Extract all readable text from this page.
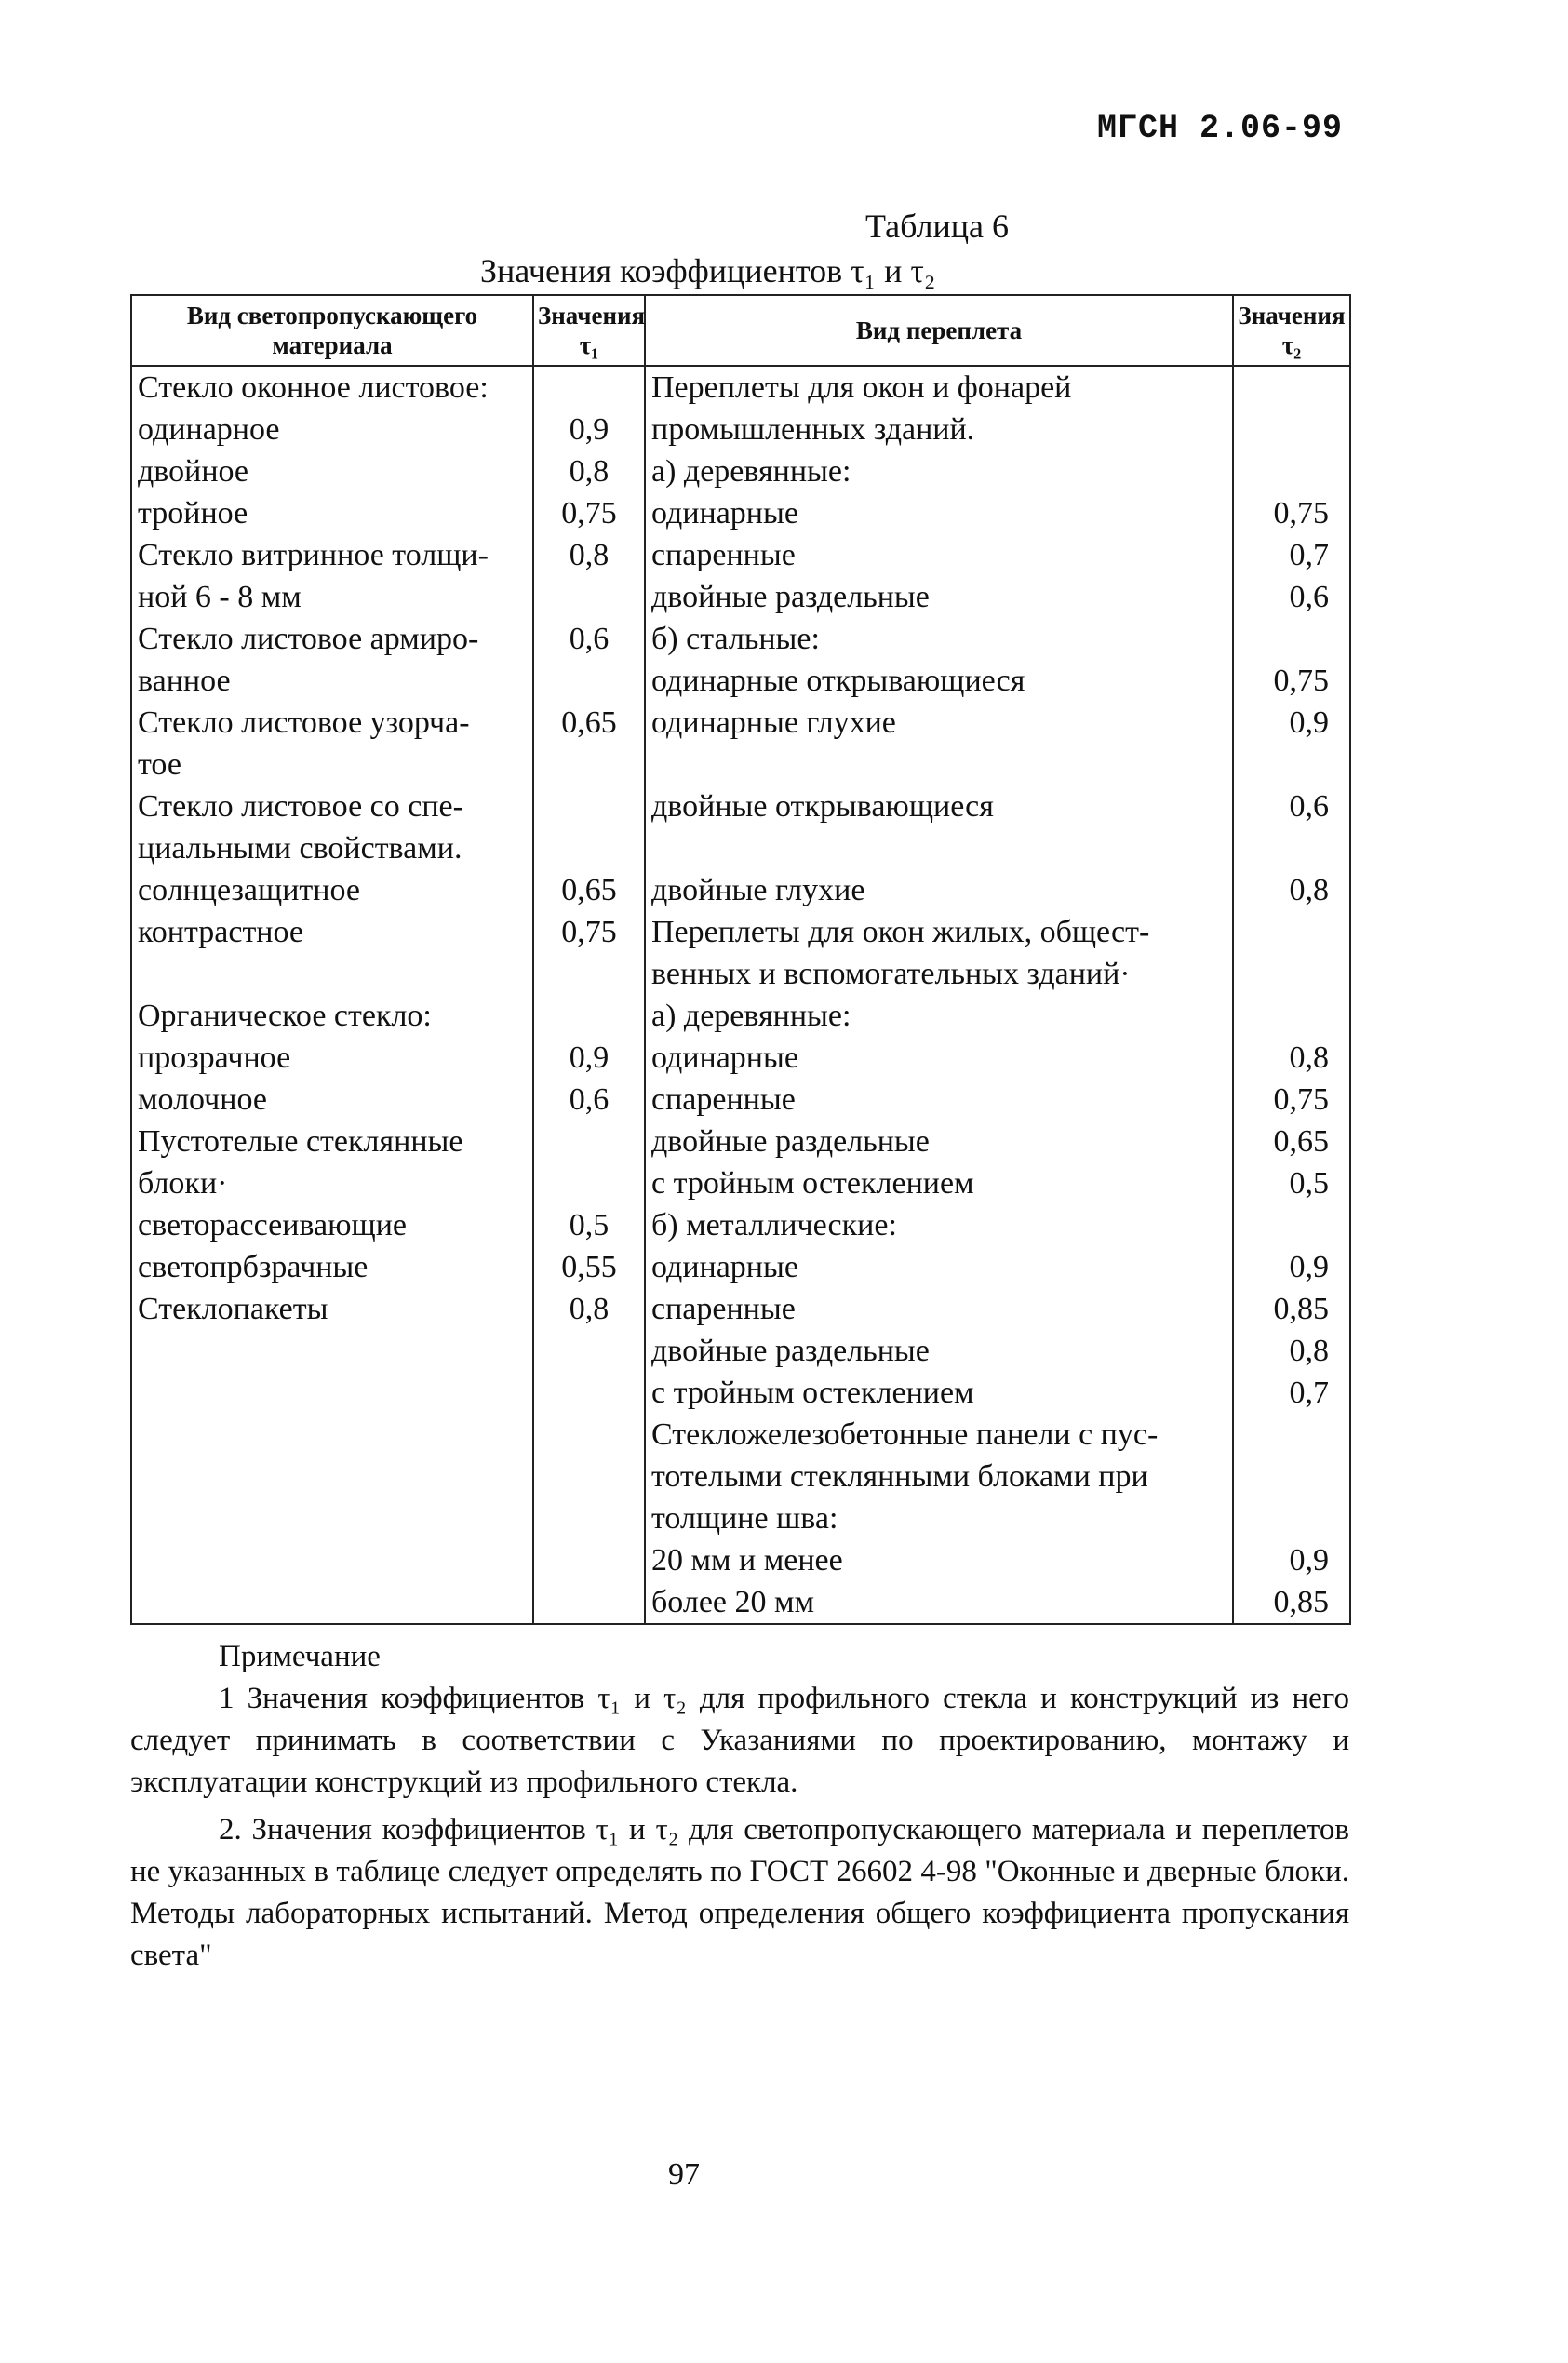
МГСН 2.06-99
Таблица 6
Значения коэффициентов τ₁ и τ₂
Вид светопропускающего материала	Значения τ₁	Вид переплета	Значения τ₂
Стекло оконное листовое:		Переплеты для окон и фонарей	
одинарное	0,9	промышленных зданий.	
двойное	0,8	а) деревянные:	
тройное	0,75	одинарные	0,75
Стекло витринное толщи-	0,8	спаренные	0,7
ной 6 - 8 мм		двойные раздельные	0,6
Стекло листовое армиро-	0,6	б) стальные:	
ванное		одинарные открывающиеся	0,75
Стекло листовое узорча-	0,65	одинарные глухие	0,9
тое			
Стекло листовое со спе-		двойные открывающиеся	0,6
циальными свойствами.			
солнцезащитное	0,65	двойные глухие	0,8
контрастное	0,75	Переплеты для окон жилых, общест-	
		венных и вспомогательных зданий·	
Органическое стекло:		а) деревянные:	
прозрачное	0,9	одинарные	0,8
молочное	0,6	спаренные	0,75
Пустотелые стеклянные		двойные раздельные	0,65
блоки·		с тройным остеклением	0,5
светорассеивающие	0,5	б) металлические:	
светопрбзрачные	0,55	одинарные	0,9
Стеклопакеты	0,8	спаренные	0,85
		двойные раздельные	0,8
		с тройным остеклением	0,7
		Стекложелезобетонные панели с пус-	
		тотелыми стеклянными блоками при	
		толщине шва:	
		20 мм и менее	0,9
		более 20 мм	0,85

Примечание

1 Значения коэффициентов τ₁ и τ₂ для профильного стекла и конструкций из него следует принимать в соответствии с Указаниями по проектированию, монтажу и эксплуатации конструкций из профильного стекла.

2. Значения коэффициентов τ₁ и τ₂ для светопропускающего материала и переплетов не указанных в таблице следует определять по ГОСТ 26602 4-98 "Оконные и дверные блоки. Методы лабораторных испытаний. Метод определения общего коэффициента пропускания света"

97
